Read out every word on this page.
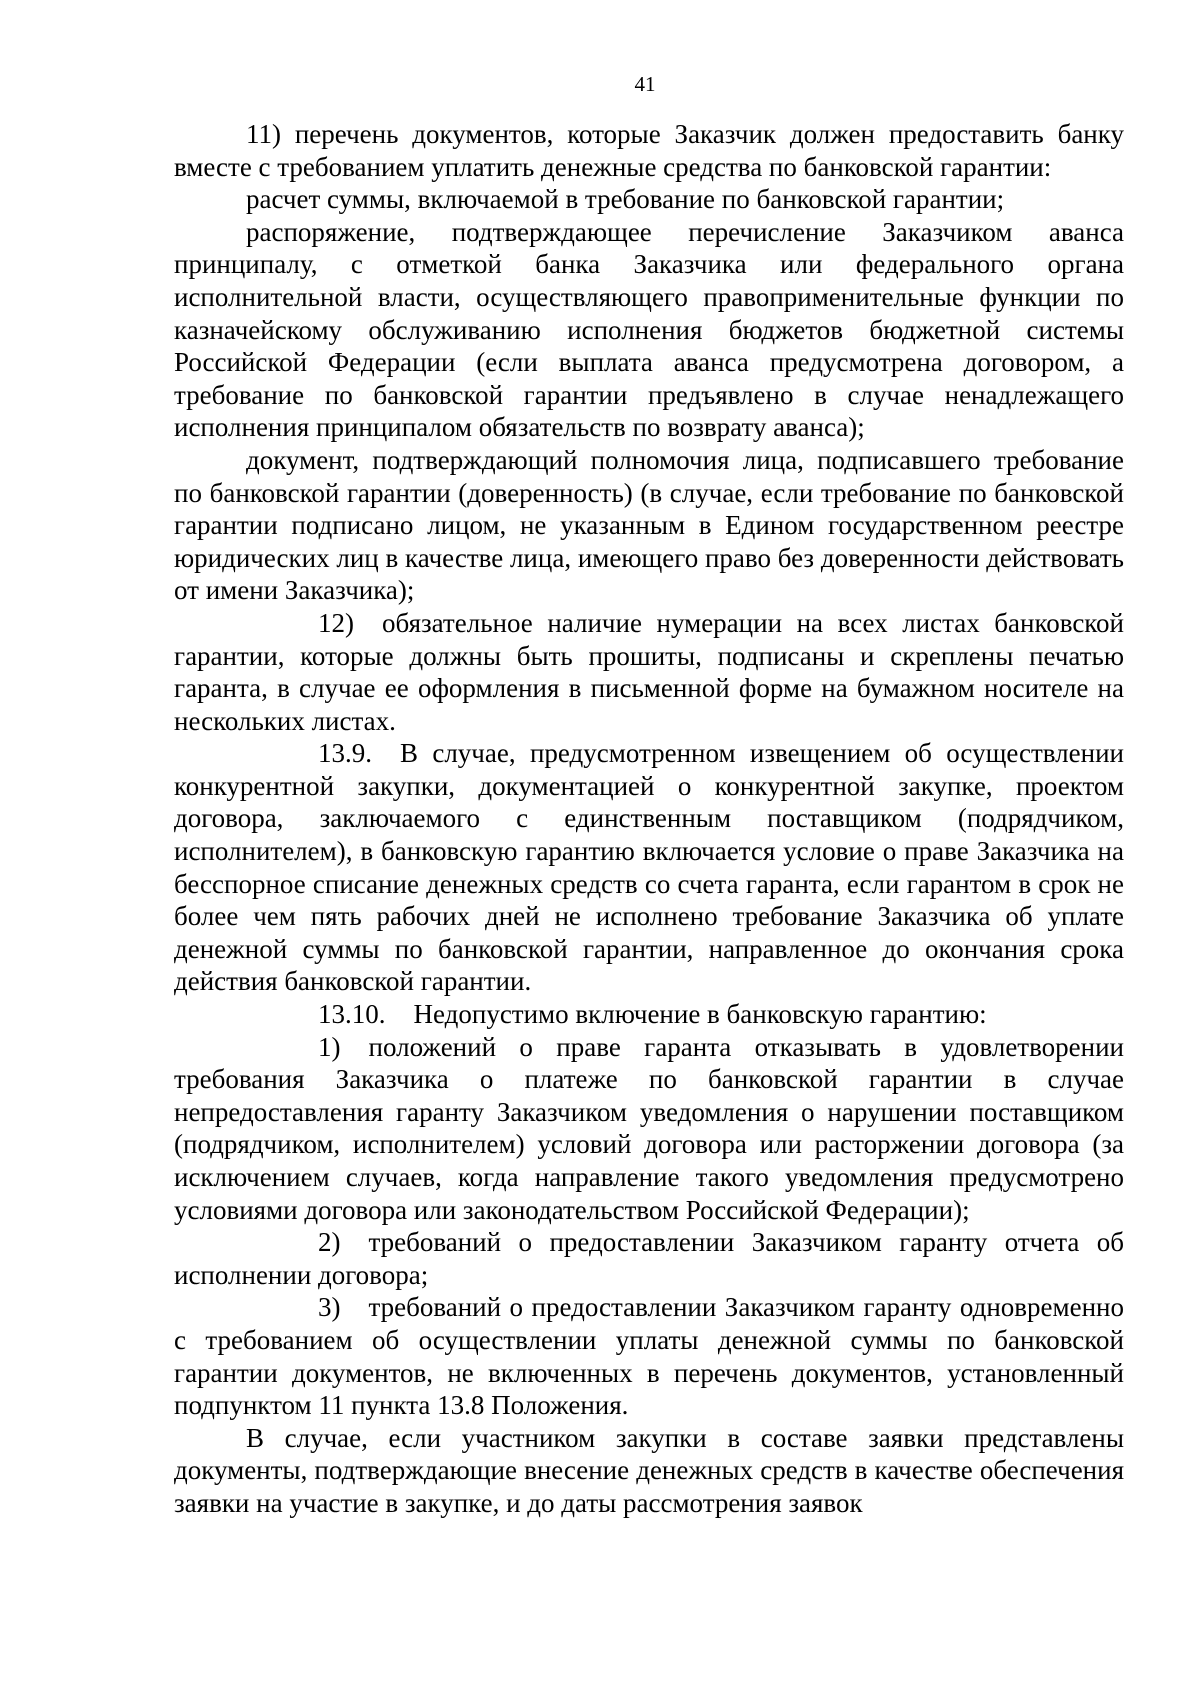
41

11) перечень документов, которые Заказчик должен предоставить банку вместе с требованием уплатить денежные средства по банковской гарантии:

расчет суммы, включаемой в требование по банковской гарантии;

распоряжение, подтверждающее перечисление Заказчиком аванса принципалу, с отметкой банка Заказчика или федерального органа исполнительной власти, осуществляющего правоприменительные функции по казначейскому обслуживанию исполнения бюджетов бюджетной системы Российской Федерации (если выплата аванса предусмотрена договором, а требование по банковской гарантии предъявлено в случае ненадлежащего исполнения принципалом обязательств по возврату аванса);

документ, подтверждающий полномочия лица, подписавшего требование по банковской гарантии (доверенность) (в случае, если требование по банковской гарантии подписано лицом, не указанным в Едином государственном реестре юридических лиц в качестве лица, имеющего право без доверенности действовать от имени Заказчика);

12) обязательное наличие нумерации на всех листах банковской гарантии, которые должны быть прошиты, подписаны и скреплены печатью гаранта, в случае ее оформления в письменной форме на бумажном носителе на нескольких листах.

13.9. В случае, предусмотренном извещением об осуществлении конкурентной закупки, документацией о конкурентной закупке, проектом договора, заключаемого с единственным поставщиком (подрядчиком, исполнителем), в банковскую гарантию включается условие о праве Заказчика на бесспорное списание денежных средств со счета гаранта, если гарантом в срок не более чем пять рабочих дней не исполнено требование Заказчика об уплате денежной суммы по банковской гарантии, направленное до окончания срока действия банковской гарантии.

13.10. Недопустимо включение в банковскую гарантию:

1) положений о праве гаранта отказывать в удовлетворении требования Заказчика о платеже по банковской гарантии в случае непредоставления гаранту Заказчиком уведомления о нарушении поставщиком (подрядчиком, исполнителем) условий договора или расторжении договора (за исключением случаев, когда направление такого уведомления предусмотрено условиями договора или законодательством Российской Федерации);

2) требований о предоставлении Заказчиком гаранту отчета об исполнении договора;

3) требований о предоставлении Заказчиком гаранту одновременно с требованием об осуществлении уплаты денежной суммы по банковской гарантии документов, не включенных в перечень документов, установленный подпунктом 11 пункта 13.8 Положения.

В случае, если участником закупки в составе заявки представлены документы, подтверждающие внесение денежных средств в качестве обеспечения заявки на участие в закупке, и до даты рассмотрения заявок
